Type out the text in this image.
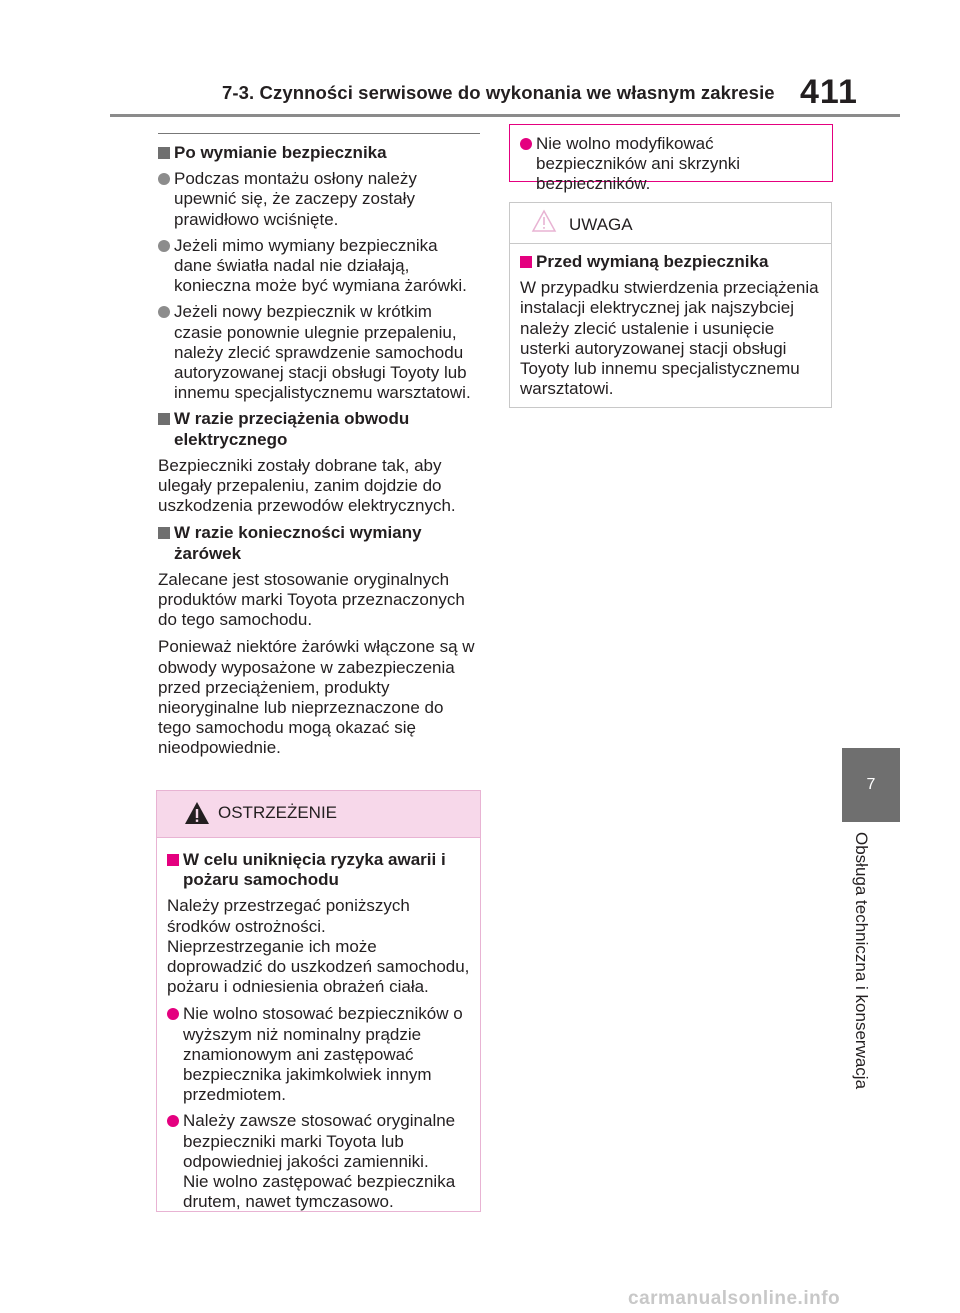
7-3. Czynności serwisowe do wykonania we własnym zakresie 411
7
Obsługa techniczna i konserwacja
Po wymianie bezpiecznika
Podczas montażu osłony należy upewnić się, że zaczepy zostały prawidłowo wciśnięte.
Jeżeli mimo wymiany bezpiecznika dane światła nadal nie działają, konieczna może być wymiana żarówki.
Jeżeli nowy bezpiecznik w krótkim czasie ponownie ulegnie przepaleniu, należy zlecić sprawdzenie samochodu autoryzowanej stacji obsługi Toyoty lub innemu specjalistycznemu warsztatowi.
W razie przeciążenia obwodu elektrycznego
Bezpieczniki zostały dobrane tak, aby ulegały przepaleniu, zanim dojdzie do uszkodzenia przewodów elektrycznych.
W razie konieczności wymiany żarówek
Zalecane jest stosowanie oryginalnych produktów marki Toyota przeznaczonych do tego samochodu.
Ponieważ niektóre żarówki włączone są w obwody wyposażone w zabezpieczenia przed przeciążeniem, produkty nieoryginalne lub nieprzeznaczone do tego samochodu mogą okazać się nieodpowiednie.
OSTRZEŻENIE
W celu uniknięcia ryzyka awarii i pożaru samochodu
Należy przestrzegać poniższych środków ostrożności.
Nieprzestrzeganie ich może doprowadzić do uszkodzeń samochodu, pożaru i odniesienia obrażeń ciała.
Nie wolno stosować bezpieczników o wyższym niż nominalny prądzie znamionowym ani zastępować bezpiecznika jakimkolwiek innym przedmiotem.
Należy zawsze stosować oryginalne bezpieczniki marki Toyota lub odpowiedniej jakości zamienniki.
Nie wolno zastępować bezpiecznika drutem, nawet tymczasowo.
Nie wolno modyfikować bezpieczników ani skrzynki bezpieczników.
UWAGA
Przed wymianą bezpiecznika
W przypadku stwierdzenia przeciążenia instalacji elektrycznej jak najszybciej należy zlecić ustalenie i usunięcie usterki autoryzowanej stacji obsługi Toyoty lub innemu specjalistycznemu warsztatowi.
carmanualsonline.info
